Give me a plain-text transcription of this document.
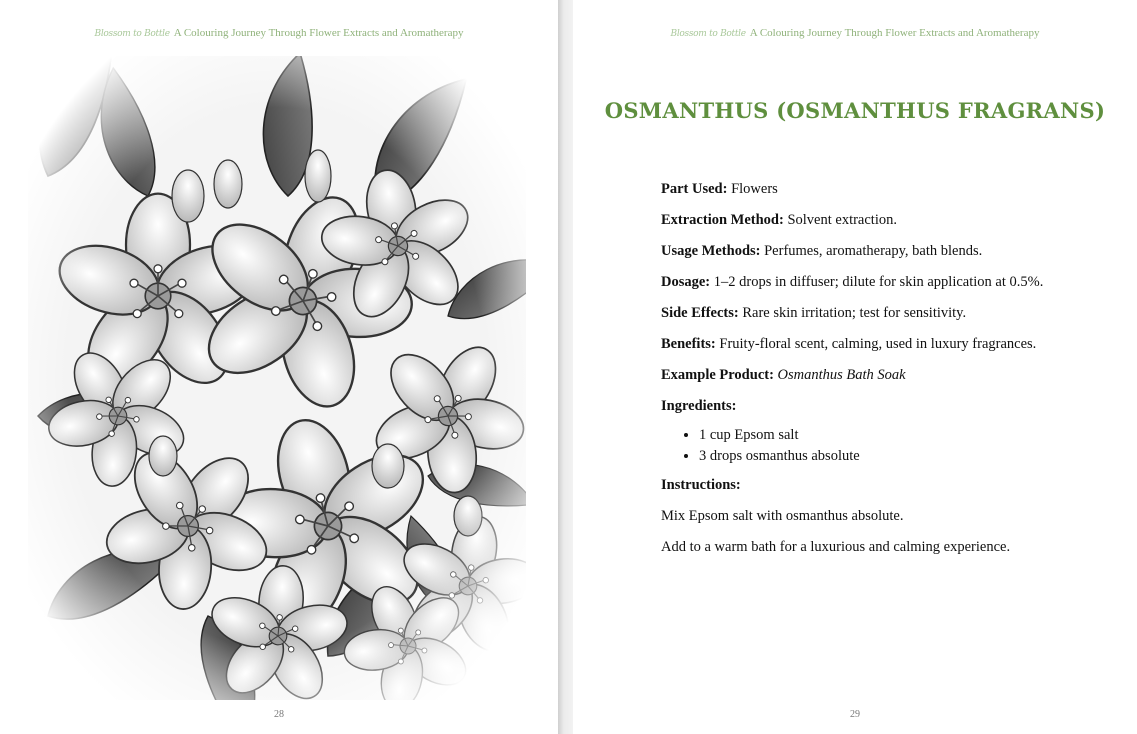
Blossom to Bottle A Colouring Journey Through Flower Extracts and Aromatherapy
28
Blossom to Bottle A Colouring Journey Through Flower Extracts and Aromatherapy
OSMANTHUS (OSMANTHUS FRAGRANS)

Part Used: Flowers

Extraction Method: Solvent extraction.

Usage Methods: Perfumes, aromatherapy, bath blends.

Dosage: 1–2 drops in diffuser; dilute for skin application at 0.5%.

Side Effects: Rare skin irritation; test for sensitivity.

Benefits: Fruity-floral scent, calming, used in luxury fragrances.

Example Product: Osmanthus Bath Soak

Ingredients:

• 1 cup Epsom salt
• 3 drops osmanthus absolute

Instructions:

Mix Epsom salt with osmanthus absolute.

Add to a warm bath for a luxurious and calming experience.

29
